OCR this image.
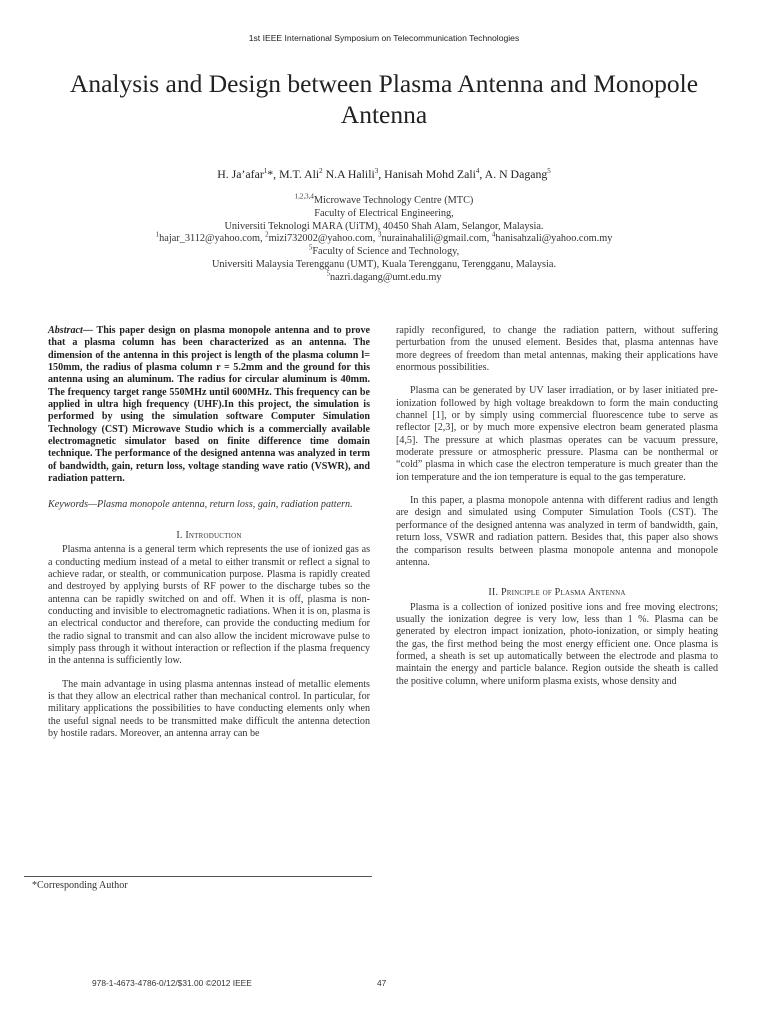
1st IEEE International Symposium on Telecommunication Technologies
Analysis and Design between Plasma Antenna and Monopole Antenna
H. Ja’afar$^1$*, M.T. Ali$^2$ N.A Halili$^3$, Hanisah Mohd Zali$^4$, A. N Dagang$^5$
$^{1,2,3,4}$Microwave Technology Centre (MTC)
Faculty of Electrical Engineering,
Universiti Teknologi MARA (UiTM), 40450 Shah Alam, Selangor, Malaysia.
$^1$hajar_3112@yahoo.com, $^2$mizi732002@yahoo.com, $^3$nurainahalili@gmail.com, $^4$hanisahzali@yahoo.com.my
$^5$Faculty of Science and Technology,
Universiti Malaysia Terengganu (UMT), Kuala Terengganu, Terengganu, Malaysia.
$^5$nazri.dagang@umt.edu.my

Abstract— This paper design on plasma monopole antenna and to prove that a plasma column has been characterized as an antenna. The dimension of the antenna in this project is length of the plasma column l= 150mm, the radius of plasma column r = 5.2mm and the ground for this antenna using an aluminum. The radius for circular aluminum is 40mm. The frequency target range 550MHz until 600MHz. This frequency can be applied in ultra high frequency (UHF).In this project, the simulation is performed by using the simulation software Computer Simulation Technology (CST) Microwave Studio which is a commercially available electromagnetic simulator based on finite difference time domain technique. The performance of the designed antenna was analyzed in term of bandwidth, gain, return loss, voltage standing wave ratio (VSWR), and radiation pattern.

Keywords—Plasma monopole antenna, return loss, gain, radiation pattern.

I. Introduction

Plasma antenna is a general term which represents the use of ionized gas as a conducting medium instead of a metal to either transmit or reflect a signal to achieve radar, or stealth, or communication purpose. Plasma is rapidly created and destroyed by applying bursts of RF power to the discharge tubes so the antenna can be rapidly switched on and off. When it is off, plasma is non-conducting and invisible to electromagnetic radiations. When it is on, plasma is an electrical conductor and therefore, can provide the conducting medium for the radio signal to transmit and can also allow the incident microwave pulse to simply pass through it without interaction or reflection if the plasma frequency in the antenna is sufficiently low.

The main advantage in using plasma antennas instead of metallic elements is that they allow an electrical rather than mechanical control. In particular, for military applications the possibilities to have conducting elements only when the useful signal needs to be transmitted make difficult the antenna detection by hostile radars. Moreover, an antenna array can be

rapidly reconfigured, to change the radiation pattern, without suffering perturbation from the unused element. Besides that, plasma antennas have more degrees of freedom than metal antennas, making their applications have enormous possibilities.

Plasma can be generated by UV laser irradiation, or by laser initiated pre-ionization followed by high voltage breakdown to form the main conducting channel [1], or by simply using commercial fluorescence tube to serve as reflector [2,3], or by much more expensive electron beam generated plasma [4,5]. The pressure at which plasmas operates can be vacuum pressure, moderate pressure or atmospheric pressure. Plasma can be nonthermal or “cold” plasma in which case the electron temperature is much greater than the ion temperature and the ion temperature is equal to the gas temperature.

In this paper, a plasma monopole antenna with different radius and length are design and simulated using Computer Simulation Tools (CST). The performance of the designed antenna was analyzed in term of bandwidth, gain, return loss, VSWR and radiation pattern. Besides that, this paper also shows the comparison results between plasma monopole antenna and monopole antenna.

II. Principle of Plasma Antenna

Plasma is a collection of ionized positive ions and free moving electrons; usually the ionization degree is very low, less than 1 %. Plasma can be generated by electron impact ionization, photo-ionization, or simply heating the gas, the first method being the most energy efficient one. Once plasma is formed, a sheath is set up automatically between the electrode and plasma to maintain the energy and particle balance. Region outside the sheath is called the positive column, where uniform plasma exists, whose density and

*Corresponding Author
978-1-4673-4786-0/12/$31.00 ©2012 IEEE	47
